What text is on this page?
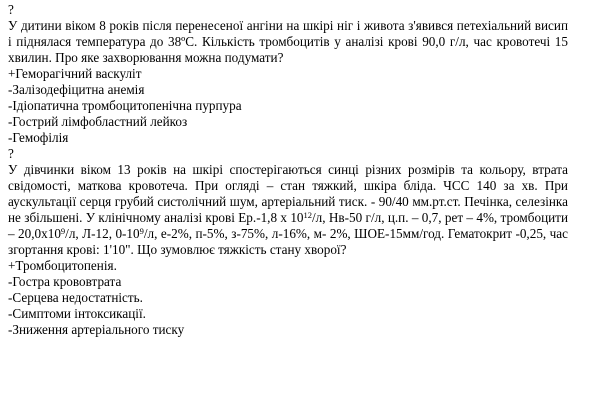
?
У дитини віком 8 років після перенесеної ангіни на шкірі ніг і живота з'явився петехіальний висип і піднялася температура до 38ºС. Кількість тромбоцитів у аналізі крові 90,0 г/л, час кровотечі 15 хвилин. Про яке захворювання можна подумати?
+Геморагічний васкуліт
-Залізодефіцитна анемія
-Ідіопатична тромбоцитопенічна пурпура
-Гострий лімфобластний лейкоз
-Гемофілія
?
У дівчинки віком 13 років на шкірі спостерігаються синці різних розмірів та кольору, втрата свідомості, маткова кровотеча. При огляді – стан тяжкий, шкіра бліда. ЧСС 140 за хв. При аускультації серця грубий систолічний шум, артеріальний тиск. - 90/40 мм.рт.ст. Печінка, селезінка не збільшені. У клінічному аналізі крові Ер.-1,8 х $10^{12}/л$, Нв-50 г/л, ц.п. – 0,7, рет – 4%, тромбоцити – $20,0х10^9/л$, Л-12, $0-10^9/л$, е-2%, п-5%, з-75%, л-16%, м- 2%, ШОЕ-15мм/год. Гематокрит -0,25, час згортання крові: 1'10". Що зумовлює тяжкість стану хворої?
+Тромбоцитопенія.
-Гостра крововтрата
-Серцева недостатність.
-Симптоми інтоксикації.
-Зниження артеріального тиску
